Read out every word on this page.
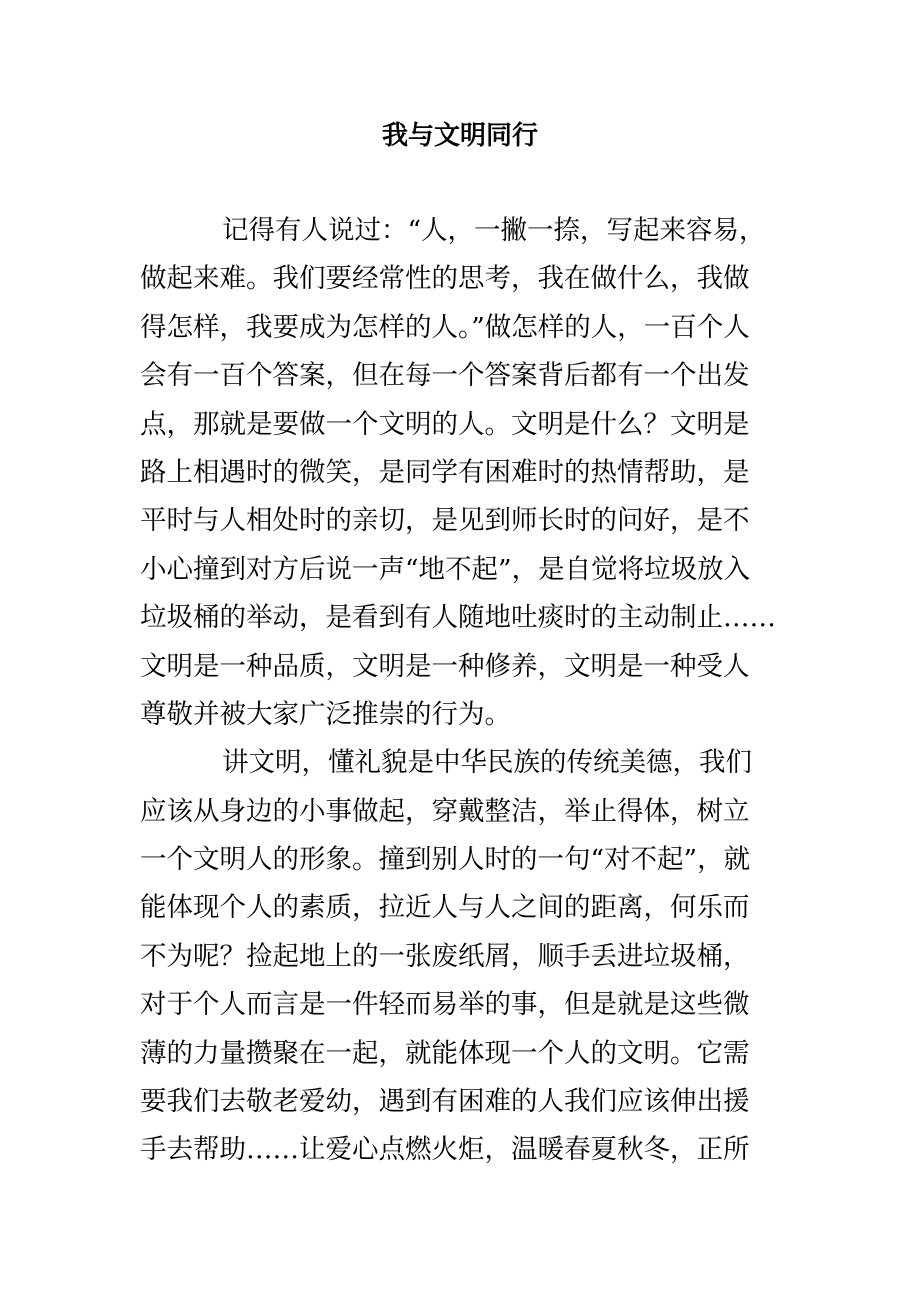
我与文明同行
记得有人说过：“人，一撇一捺，写起来容易，
做起来难。我们要经常性的思考，我在做什么，我做
得怎样，我要成为怎样的人。”做怎样的人，一百个人
会有一百个答案，但在每一个答案背后都有一个出发
点，那就是要做一个文明的人。文明是什么？文明是
路上相遇时的微笑，是同学有困难时的热情帮助，是
平时与人相处时的亲切，是见到师长时的问好，是不
小心撞到对方后说一声“地不起”，是自觉将垃圾放入
垃圾桶的举动，是看到有人随地吐痰时的主动制止……
文明是一种品质，文明是一种修养，文明是一种受人
尊敬并被大家广泛推崇的行为。
讲文明，懂礼貌是中华民族的传统美德，我们
应该从身边的小事做起，穿戴整洁，举止得体，树立
一个文明人的形象。撞到别人时的一句“对不起”，就
能体现个人的素质，拉近人与人之间的距离，何乐而
不为呢？捡起地上的一张废纸屑，顺手丢进垃圾桶，
对于个人而言是一件轻而易举的事，但是就是这些微
薄的力量攒聚在一起，就能体现一个人的文明。它需
要我们去敬老爱幼，遇到有困难的人我们应该伸出援
手去帮助……让爱心点燃火炬，温暖春夏秋冬，正所
